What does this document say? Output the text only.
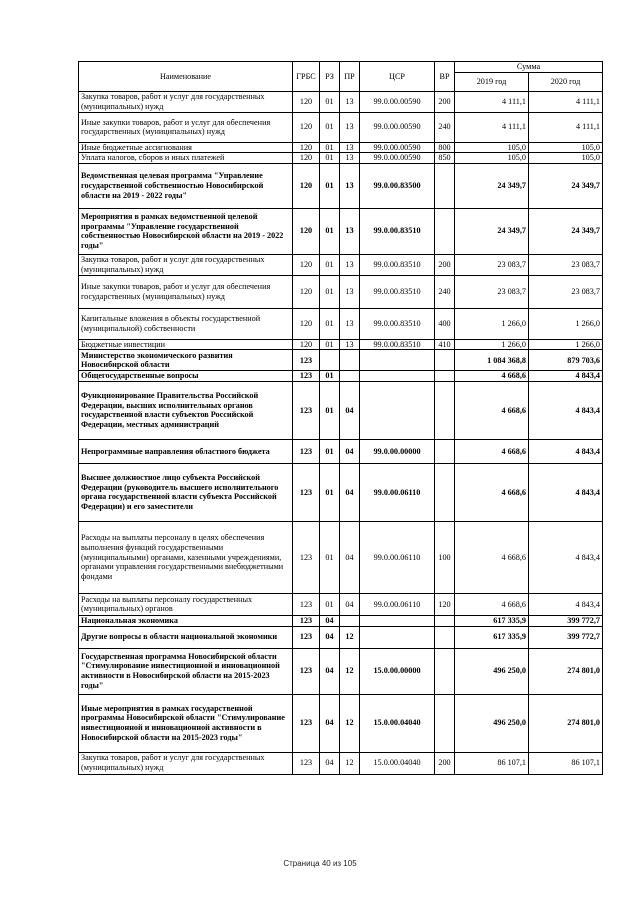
Наименование	ГРБС	РЗ	ПР	ЦСР	ВР	Сумма	
						2019 год	2020 год
Закупка товаров, работ и услуг для государственных (муниципальных) нужд	120	01	13	99.0.00.00590	200	4 111,1	4 111,1
Иные закупки товаров, работ и услуг для обеспечения государственных (муниципальных) нужд	120	01	13	99.0.00.00590	240	4 111,1	4 111,1
Иные бюджетные ассигнования	120	01	13	99.0.00.00590	800	105,0	105,0
Уплата налогов, сборов и иных платежей	120	01	13	99.0.00.00590	850	105,0	105,0
Ведомственная целевая программа "Управление государственной собственностью Новосибирской области на 2019 - 2022 годы"	120	01	13	99.0.00.83500		24 349,7	24 349,7
Мероприятия в рамках ведомственной целевой программы "Управление государственной собственностью Новосибирской области на 2019 - 2022 годы"	120	01	13	99.0.00.83510		24 349,7	24 349,7
Закупка товаров, работ и услуг для государственных (муниципальных) нужд	120	01	13	99.0.00.83510	200	23 083,7	23 083,7
Иные закупки товаров, работ и услуг для обеспечения государственных (муниципальных) нужд	120	01	13	99.0.00.83510	240	23 083,7	23 083,7
Капитальные вложения в объекты государственной (муниципальной) собственности	120	01	13	99.0.00.83510	400	1 266,0	1 266,0
Бюджетные инвестиции	120	01	13	99.0.00.83510	410	1 266,0	1 266,0
Министерство экономического развития Новосибирской области	123					1 084 368,8	879 703,6
Общегосударственные вопросы	123	01				4 668,6	4 843,4
Функционирование Правительства Российской Федерации, высших исполнительных органов государственной власти субъектов Российской Федерации, местных администраций	123	01	04			4 668,6	4 843,4
Непрограммные направления областного бюджета	123	01	04	99.0.00.00000		4 668,6	4 843,4
Высшее должностное лицо субъекта Российской Федерации (руководитель высшего исполнительного органа государственной власти субъекта Российской Федерации) и его заместители	123	01	04	99.0.00.06110		4 668,6	4 843,4
Расходы на выплаты персоналу в целях обеспечения выполнения функций государственными (муниципальными) органами, казенными учреждениями, органами управления государственными внебюджетными фондами	123	01	04	99.0.00.06110	100	4 668,6	4 843,4
Расходы на выплаты персоналу государственных (муниципальных) органов	123	01	04	99.0.00.06110	120	4 668,6	4 843,4
Национальная экономика	123	04				617 335,9	399 772,7
Другие вопросы в области национальной экономики	123	04	12			617 335,9	399 772,7
Государственная программа Новосибирской области "Стимулирование инвестиционной и инновационной активности в Новосибирской области на 2015-2023 годы"	123	04	12	15.0.00.00000		496 250,0	274 801,0
Иные мероприятия в рамках государственной программы Новосибирской области "Стимулирование инвестиционной и инновационной активности в Новосибирской области на 2015-2023 годы"	123	04	12	15.0.00.04040		496 250,0	274 801,0
Закупка товаров, работ и услуг для государственных (муниципальных) нужд	123	04	12	15.0.00.04040	200	86 107,1	86 107,1
Страница 40 из 105
